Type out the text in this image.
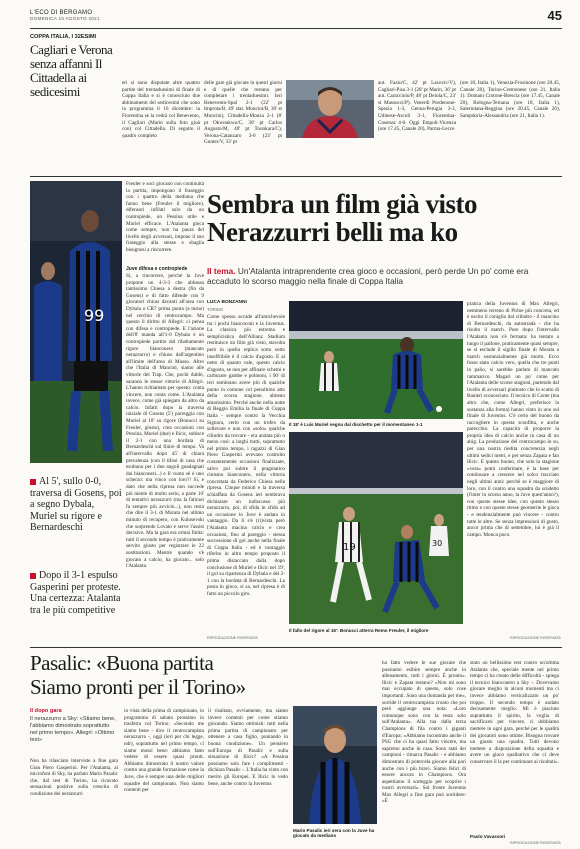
L'ECO DI BERGAMO
DOMENICA 15 AGOSTO 2021	45
COPPA ITALIA, I 32ESIMI
Cagliari e Verona senza affanni Il Cittadella ai sedicesimi
eri si sono disputate altre quattro partite del trentaduesimi di finale di Coppa Italia e si è conosciuto due abbinamenti del sedicesimi che sono in programma il 16 dicembre: la Fiorentina se la vedrà col Benevento, il Cagliari (Marin sulla foto gioà con) col Cittadella. Di seguito il quadro completo
delle gare già giocate in questi giorni e di quelle che restano per completare i trentaduesimi. Ieri Benevento-Spal 2-1 (22' pt Improta/B, 49' stat. Moncini/B, 30' st Moncini), Cittadella-Monza 2-1 (8' pt Okwonkwo/C, 30' pt Carlos Augusto/M, 40' pt Tounkara/C), Verona-Catanzaro 3-0 (23' pt Gunter/V, 33' pt
aut. Fazio/C, 42' pt Lazovic/V), Cagliari-Pisa 3-1 (28' pt Marin, 36' pt aut. Caracciolo/P, 48' pt Deiola/C, 23' st Massucci/P). Venerdì Pordenone-Spezia 1-3, Genoa-Perugia 3-2, Udinese-Ascoli 3-1, Fiorentina-Cosenza 4-0. Oggi Empoli-Vicenza (ore 17.45, Canale 20), Parma-Lecce
(ore 18, Italia 1), Venezia-Frosinone (ore 20.45, Canale 20), Torino-Cremonese (ore 21, Italia 1). Domani Crotone-Brescia (ore 17.45, Canale 20), Bologna-Ternana (ore 18, Italia 1), Salernitana-Reggina (ore 20.45, Canale 20), Sampdoria-Alessandria (ore 21, Italia 1).
99
Freuler e soci giocano con continuità la partita, impongono il fraseggio con i quattro della mediana che fanno bene (Freuler il migliore), difensori infilati solo da un contropiede, un Pessina utile e Muriel efficace. L'Atalanta gioca come sempre, non ha paura del livello degli avversari, impone il suo fraseggio alla stesse e sbaglia bisognosi a rincorrere.
Juve difesa e contropiede
Sì, a rincorrere, perché la Juve propone un 4-3-3 che abbassa tantissimo Chiesa a destra (fin da Gosens) e di fatto difende con 9 giocatori chiusi davanti all'area con Dybala o CR7 prima punta (a turno) nel cerchio di centrocampo. Ma questo il diritto di Allegri: ci pensa con difesa e contropiede. E l'azione dell'8' manda all'1-0 Dybala è un contropiede partito dal ribaltamento rigore bianconero (mancato nerazzurro) e chiuso dall'argentino all'limite dell'area di Musso. Altro che l'Italia di Mancini, siamo alle vittorie del Trap. Che, pochi dubbi, saranno le stesse vittorie di Allegri. L'hanno richiamato per questo: conta vincere, non conta come. L'Atalanta invece, come già spiegato da altro da calcio. Infatti dopo la traversa iniziale di Gosens (5') parreggia con Muriel al 18' su rigore (Bonucci su Freuler, giusto), crea occasioni con Pessina, Muriel (due) e Ilicic, subisce il 2-1 con una bordata di Bernardeschi sul finire di tempo. Va all'intervallo dopo 45' di chiara prevalenza (con il tifosi di casa che esultano per i due angoli guadagnati dai bianconeri...) e Il vuoto sé è uno scherzo: ma vinco con loro?! Sì, e dato che nella ripresa non succede più niente di molto serio, a parte 10' di tentativi nerazzurri (ma la faticasi fa sempre più avvicin...), non resta che dire il 3-1 di Morata nel ultimo minuto di recupero, con Kulusevski che sorprende Lovato e serve l'assist decisivo. Ma la gara era ormai finita: tutti il secondo tempo è praticamente servito giusto per registrare le 22 sostituzioni. Mentre quando s'è giocato a calcio, ha giocato... solo l'Atalanta.
Al 5', sullo 0-0, traversa di Gosens, poi a segno Dybala, Muriel su rigore e Bernardeschi
Dopo il 3-1 espulso Gasperini per proteste. Una certezza: Atalanta tra le più competitive
Sembra un film già visto
Nerazzurri belli ma ko
Il tema. Un'Atalanta intraprendente crea gioco e occasioni, però perde Un po' come era accaduto lo scorso maggio nella finale di Coppa Italia
LUCA BONZANNI
TORINO
Come spesso accade all'amichevole tra i pochi biancoconi e la Juventus. La classica più estrema e semplicistica dell'Allianz Stadium restituisce un film già visto, stavolta però in quella replica sotto sotto insoffribile è il calcio d'agosto. E al netto di quanto vale, questo calcio d'agosto, se non per affinare schemi e carburare gambe e polmoni, i 90' di ieri sembrano avere più di qualche punto in comune col penultimo atto della scorsa stagione, almeno amarissimo. Perché anche nella notte di Reggio Emilia la finale di Coppa Italia - sempre contro la Vecchia Signora, certo con un trofeo da sollevare e non con «solo» qualche cilindro da trovare - era andata più o meno così: a larghi tratti, soprattutto nel primo tempo, i ragazzi di Gian Piero Gasperini avevano costruito costantemente occasioni finalizzate, salvo poi subire il pragmatico cinismo bianconero, nella vittoria concretata da Federico Chiesa nella ripresa. Cinque minuti e la traversa schiaffata da Gosens ieri sembrava dichiarare un indiscusso più nerazzurro, poi, di sfida in sfida ad un occasione lo Juve è andata in vantaggio. Da lì s'è (ri)vista però l'Atalanta macina calcio e crea occasioni, fino al pareggio - stessa successione di gol anche nella finale di Coppa Italia - ed è vantaggio riferito in altro tempo proposto il prima distaccato dalla dopo conclusione di Muriel e Ilicic nel 19', il gol su ripartenza di Dybala e del 2-1 con la bordata di Bernardeschi. La posta in gioco, si sa, nel ripresa è di fatto un piccolo giro.
Il 18' è Luis Muriel segna dal dischetto per il momentaneo 1-1
pratica della Juventus di Max Allegri, nemmeno terreno di Pirloe più concreta, ed è uscito il coniglio dal cilindro - il mancino di Bernardeschi, da autostrada - che ha risolto il match. Pure dopo l'intervallo l'Atalanta non s'è fermata: ha tentato a lungo il pallone, praticamente quasi sempre, se si esclude il sigillo finale di Morata a match sostanzialmente già morto. Ecco fosse stato calcio vero, quella che tre punti in palio, si sarebbe parlato di mancato rammarico. Magari un po' come per l'Atalanta delle scorse stagioni, partendo dal livello di avversari piuttosto che lo scatto di Ranieri sconosciuto. Il tecnico di Conte (ma altro che, come Allegri, preferisce la sostanza alla forma) hanno vinto in uno sul finale di Juventus. C'è certo del buono da raccogliere in questa sconfitta, e anche parecchio. La capacità di proporre la propria idea di calcio anche in casa di un abig. La produzione del centrocampo in su, per una nostra riedita concretezza negli ultimi sedici metri, e per senza Zapata e fan Ilicic. E questo buono, che solo la stagione «vera» potrà confermare, è la base per continuare a crescere nel solco tracciato negli ultimi anni: perché se è maggiore di loro, con il contro una squadra da scudetto (l'inter lo scorso anno, la Juve quest'anno?), con queste stesse idee, con questo stesso ritmo e con queste stesse geometrie le gioca - e tendenzialmente può vincere - contro tutte le altre. Se senza impressioni di gusto, ancor prima che di settembre, lui è già il campo. Monca poco.
19	30
Il fallo del rigore al 16': Bonucci atterra Remo Freuler, il migliore
RIPRODUZIONE RISERVATA	RIPRODUZIONE RISERVATA
Pasalic: «Buona partita
Siamo pronti per il Torino»
Il dopo gara
Il nerazzurro a Sky: «Stiamo bene, l'abbiamo dimostrato soprattutto nel primo tempo». Allegri: «Ottimo test»
Non ha rilasciato interviste a fine gara Gian Piero Gasperini. Per l'Atalanta, ai microfoni di Sky, ha parlato Mario Pasalic che, dal test di Torino, ha ricavato sensazioni positive sulla crescita di condizione dei nerazzurri
in vista della prima di campionato, in programma di sabato prossimo in trasferta col Torino: «Secondo me siamo bene - dice il centrocampista nerazzurro -, oggi (ieri per chi legge, ndr), soprattutto nel primo tempo, ci siamo mossi bene: abbiamo fatto vedere di essere quasi pronti. Abbiamo dimostrato il nostro valore contro una grande formazione come la Juve, che è sempre una delle migliori squadre del campionato. Non siamo contenti per
il risultato, ovviamente, ma siamo invece contenti per come stiamo giocando. Siamo ottimisti: tutti nella prima partita di campionato per ottenere a casa figlio, puntando in buona condizione». Un pensiero sull'Europa di Pasalic e sulla situazione di Ilicic? «A Pessina possiamo solo fare i complimenti - dichiara Pasalic -. L'Italia ha vinto con merito gli Europei. E Ilicic lo vedo bene, anche contro la Juventus
Mario Pasalic ieri sera con la Juve ha giocato da mediano
ha fatto vedere le sue giocate che possiamo esibire sempre anche in allenamento, tutti i giorni. È pronto». Ilicic e Zapata restano? «Non mi sono mai occupato di questo, solo cose importanti. Sono una domanda per me», sorride il centrocampista croato che poi però aggiunge una nota: «Loro comunque sono con la testa solo sull'Atalanta». Alla tua dalla terza Champions di fila contro i giganti d'Europa: «Abbiamo incontrato anche il PSG che ci ha quasi fatto vincere, ma sapremo anche in casa. Sono stati dei campioni - rimarca Pasalic - e abbiamo dimostrato di potercela giocare alla pari anche con i più bravi. Siamo felici di essere ancora in Champions. Ora aspettiamo il sorteggio per scoprire i nostri avversari». Sul fronte Juventus Max Allegri a fine gara può sorridere: «È
stato un bellissimo test contro un'ottima Atalanta che, speciale mente nel primo tempo ci ha creato delle difficoltà - spiega il tecnico bianconero a Sky -. Dovevamo giocare meglio in alcuni momenti ma ci invece abbiamo verticalizzato un po' troppo. Il secondo tempo è andato decisamente meglio. Mi è piaciuto soprattutto il spirito, la voglia di sacrificarsi per vincere, ci dobbiamo mettere in ogni gara, perché per le qualità dei giocatori sono ottime. Bisogna trovare un giusto una quadra. Tutti devono mettere a disposizione della squadra e avere un gioco qualitativo che ci deve conservare il la per continuare ai risultati».
Paolo Vavassori
RIPRODUZIONE RISERVATA
